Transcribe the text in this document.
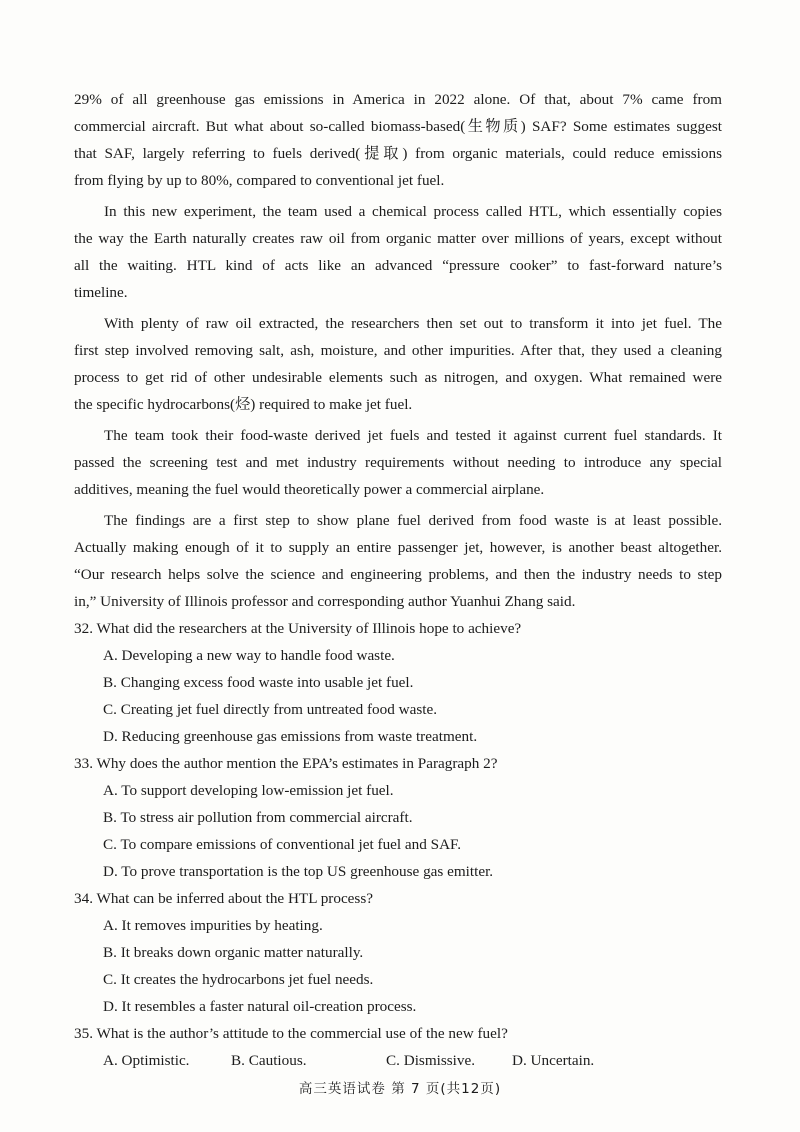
29% of all greenhouse gas emissions in America in 2022 alone. Of that, about 7% came from
commercial aircraft. But what about so-called biomass-based(生物质) SAF? Some estimates suggest
that SAF, largely referring to fuels derived(提取) from organic materials, could reduce emissions
from flying by up to 80%, compared to conventional jet fuel.
In this new experiment, the team used a chemical process called HTL, which essentially copies
the way the Earth naturally creates raw oil from organic matter over millions of years, except without
all the waiting. HTL kind of acts like an advanced “pressure cooker” to fast-forward nature’s
timeline.
With plenty of raw oil extracted, the researchers then set out to transform it into jet fuel. The
first step involved removing salt, ash, moisture, and other impurities. After that, they used a cleaning
process to get rid of other undesirable elements such as nitrogen, and oxygen. What remained were
the specific hydrocarbons(烃) required to make jet fuel.
The team took their food-waste derived jet fuels and tested it against current fuel standards. It
passed the screening test and met industry requirements without needing to introduce any special
additives, meaning the fuel would theoretically power a commercial airplane.
The findings are a first step to show plane fuel derived from food waste is at least possible.
Actually making enough of it to supply an entire passenger jet, however, is another beast altogether.
“Our research helps solve the science and engineering problems, and then the industry needs to step
in,” University of Illinois professor and corresponding author Yuanhui Zhang said.
32. What did the researchers at the University of Illinois hope to achieve?
A. Developing a new way to handle food waste.
B. Changing excess food waste into usable jet fuel.
C. Creating jet fuel directly from untreated food waste.
D. Reducing greenhouse gas emissions from waste treatment.
33. Why does the author mention the EPA’s estimates in Paragraph 2?
A. To support developing low-emission jet fuel.
B. To stress air pollution from commercial aircraft.
C. To compare emissions of conventional jet fuel and SAF.
D. To prove transportation is the top US greenhouse gas emitter.
34. What can be inferred about the HTL process?
A. It removes impurities by heating.
B. It breaks down organic matter naturally.
C. It creates the hydrocarbons jet fuel needs.
D. It resembles a faster natural oil-creation process.
35. What is the author’s attitude to the commercial use of the new fuel?
A. Optimistic.	B. Cautious.	C. Dismissive. D. Uncertain.
高三英语试卷 第 7 页(共12页)
